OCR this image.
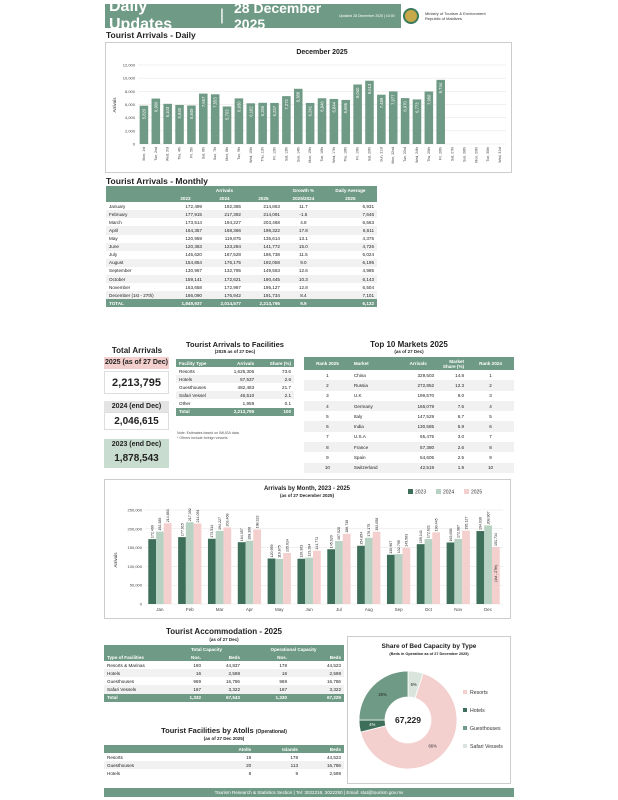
Daily Updates
| 28 December 2025	Updated 28 December 2025 | 10:00	Ministry of Tourism & Environment
Republic of Maldives
Tourist Arrivals - Daily
December 2025
Arrivals
0
2,000
4,000
6,000
8,000
10,000
12,000
5,820
Mon, 1st
6,906
Tue, 2nd
6,103
Wed, 3rd
5,930
Thu, 4th
5,849
Fri, 5th
7,657
Sat, 6th
7,553
Sun, 7th
5,703
Mon, 8th
6,930
Tue, 9th
6,182
Wed, 10th
6,256
Thu, 11th
6,237
Fri, 12th
7,272
Sat, 13th
8,388
Sun, 14th
6,241
Mon, 15th
6,946
Tue, 16th
6,844
Wed, 17th
6,696
Thu, 18th
9,040
Fri, 19th
9,613
Sat, 20th
7,489
Sun, 21st
7,977
Mon, 22nd
6,970
Tue, 23rd
6,773
Wed, 24th
7,968
Thu, 25th
9,744
Fri, 26th Sat, 27th Sun, 28th Mon, 29th Tue, 30th Wed, 31st
Tourist Arrivals - Monthly
	Arrivals			Growth %	Daily Average
	2023	2024	2025	2025/2024	2025
January	172,499	192,385	214,863	11.7	6,931
February	177,915	217,392	214,091	-1.5	7,646
March	173,514	194,227	203,468	4.8	6,563
April	164,357	168,366	198,322	17.8	6,611
May	120,959	119,875	135,614	13.1	4,375
June	120,363	123,284	141,772	15.0	4,726
July	145,620	167,528	186,738	11.5	6,024
August	154,854	176,175	192,058	9.0	6,195
September	130,967	132,795	149,563	12.6	4,985
October	159,141	172,621	190,445	10.3	6,143
November	163,658	172,987	195,127	12.8	6,504
December (1st - 27th)	166,090	176,942	191,734	8.4	7,101
TOTAL	1,849,937	2,014,577	2,213,795	9.9	6,132
Total Arrivals
2025 (as of 27 Dec)
2,213,795
2024 (end Dec)
2,046,615
2023 (end Dec)
1,878,543
Tourist Arrivals to Facilities
(2025 as of 27 Dec)
Facility Type	Arrivals	Share (%)
Resorts	1,625,306	73.6
Hotels	57,537	2.6
Guesthouses	482,483	21.7
Safari Vessel	46,510	2.1
Other	1,959	0.1
Total	2,213,795	100
Note: Estimates based on IMUGA data
* Others include foreign vessels
Top 10 Markets 2025
(as of 27 Dec)
Rank 2025	Market	Arrivals	Market Share (%)	Rank 2024
1	China	329,503	14.8	1
2	Russia	272,852	12.3	2
3	U.K	199,570	9.0	3
4	Germany	166,079	7.5	4
5	Italy	147,529	6.7	5
6	India	130,585	5.9	6
7	U.S.A	65,475	3.0	7
8	France	57,380	2.6	8
9	Spain	54,605	2.5	9
10	Switzerland	42,519	1.9	10
Arrivals by Month, 2023 - 2025
(as of 27 December 2025)	2023	2024	2025
Arrivals
0
50,000
100,000
150,000
200,000
250,000
172,499
192,385
214,863
Jan
177,915
217,392 214,091
Feb
173,514
194,227 203,468
Mar
164,357 168,366
198,322
Apr
120,959 119,875 135,614
May
120,363 123,284
141,772
Jun
145,620
167,528
186,738
Jul
154,854
176,175 192,058
Aug
130,967 132,795 149,563
Sep
159,141 172,621
190,445
Oct
163,658 172,987
195,127
Nov
194,036 208,967
151,734
Dec
(1st - 27th)
Tourist Accommodation - 2025
(as of 27 Dec)
	Total Capacity		Operational Capacity	
Type of Facilities	Nos.	Beds	Nos.	Beds
Resorts & Marinas	180	44,837	178	44,523
Hotels	16	2,598	16	2,598
Guesthouses	969	16,786	969	16,786
Safari Vessels	167	3,322	167	3,322
Total	1,332	67,543	1,330	67,229
Tourist Facilities by Atolls (Operational)
(as of 27 Dec 2025)
	Atolls	Islands	Beds
Resorts	19	178	44,523
Guesthouses	20	113	16,786
Hotels	8	9	2,598
Share of Bed Capacity by Type
(Beds in Operation as of 27 December 2025)
5%
66%
4%
25%
67,229
Resorts
Hotels
Guesthouses
Safari Vessels
Tourism Research & Statistics Section | Tel: 3022216, 3022250 | Email: stat@tourism.gov.mv
